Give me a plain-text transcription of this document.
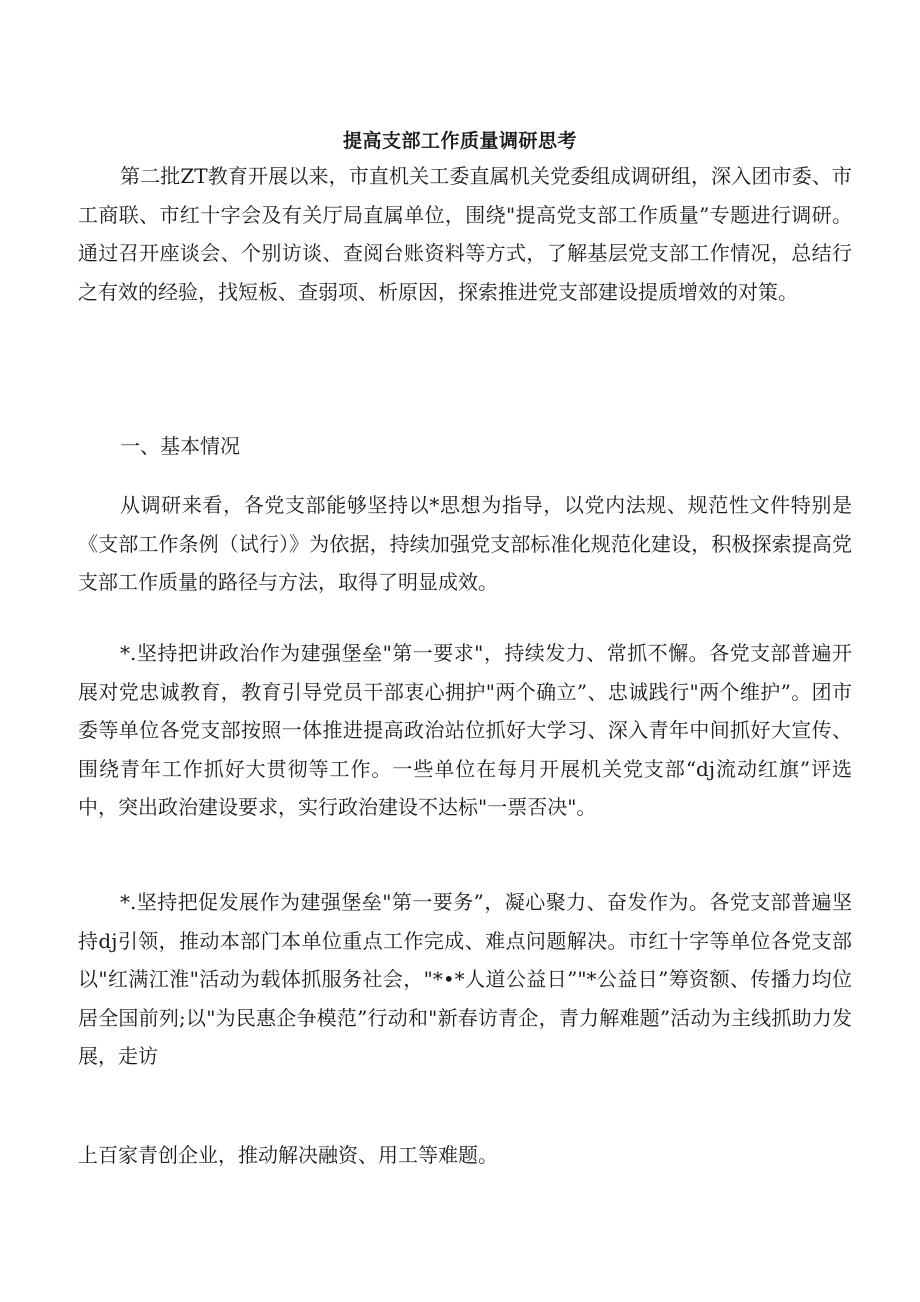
提高支部工作质量调研思考

第二批ZT教育开展以来，市直机关工委直属机关党委组成调研组，深入团市委、市工商联、市红十字会及有关厅局直属单位，围绕"提高党支部工作质量”专题进行调研。通过召开座谈会、个别访谈、查阅台账资料等方式，了解基层党支部工作情况，总结行之有效的经验，找短板、查弱项、析原因，探索推进党支部建设提质增效的对策。

一、基本情况

从调研来看，各党支部能够坚持以*思想为指导，以党内法规、规范性文件特别是《支部工作条例（试行）》为依据，持续加强党支部标准化规范化建设，积极探索提高党支部工作质量的路径与方法，取得了明显成效。

*.坚持把讲政治作为建强堡垒"第一要求"，持续发力、常抓不懈。各党支部普遍开展对党忠诚教育，教育引导党员干部衷心拥护"两个确立”、忠诚践行"两个维护”。团市委等单位各党支部按照一体推进提高政治站位抓好大学习、深入青年中间抓好大宣传、围绕青年工作抓好大贯彻等工作。一些单位在每月开展机关党支部“dj流动红旗”评选中，突出政治建设要求，实行政治建设不达标"一票否决"。

*.坚持把促发展作为建强堡垒"第一要务”，凝心聚力、奋发作为。各党支部普遍坚持dj引领，推动本部门本单位重点工作完成、难点问题解决。市红十字等单位各党支部以"红满江淮"活动为载体抓服务社会，"*•*人道公益日”"*公益日”筹资额、传播力均位居全国前列;以"为民惠企争模范”行动和"新春访青企，青力解难题”活动为主线抓助力发展，走访

上百家青创企业，推动解决融资、用工等难题。
